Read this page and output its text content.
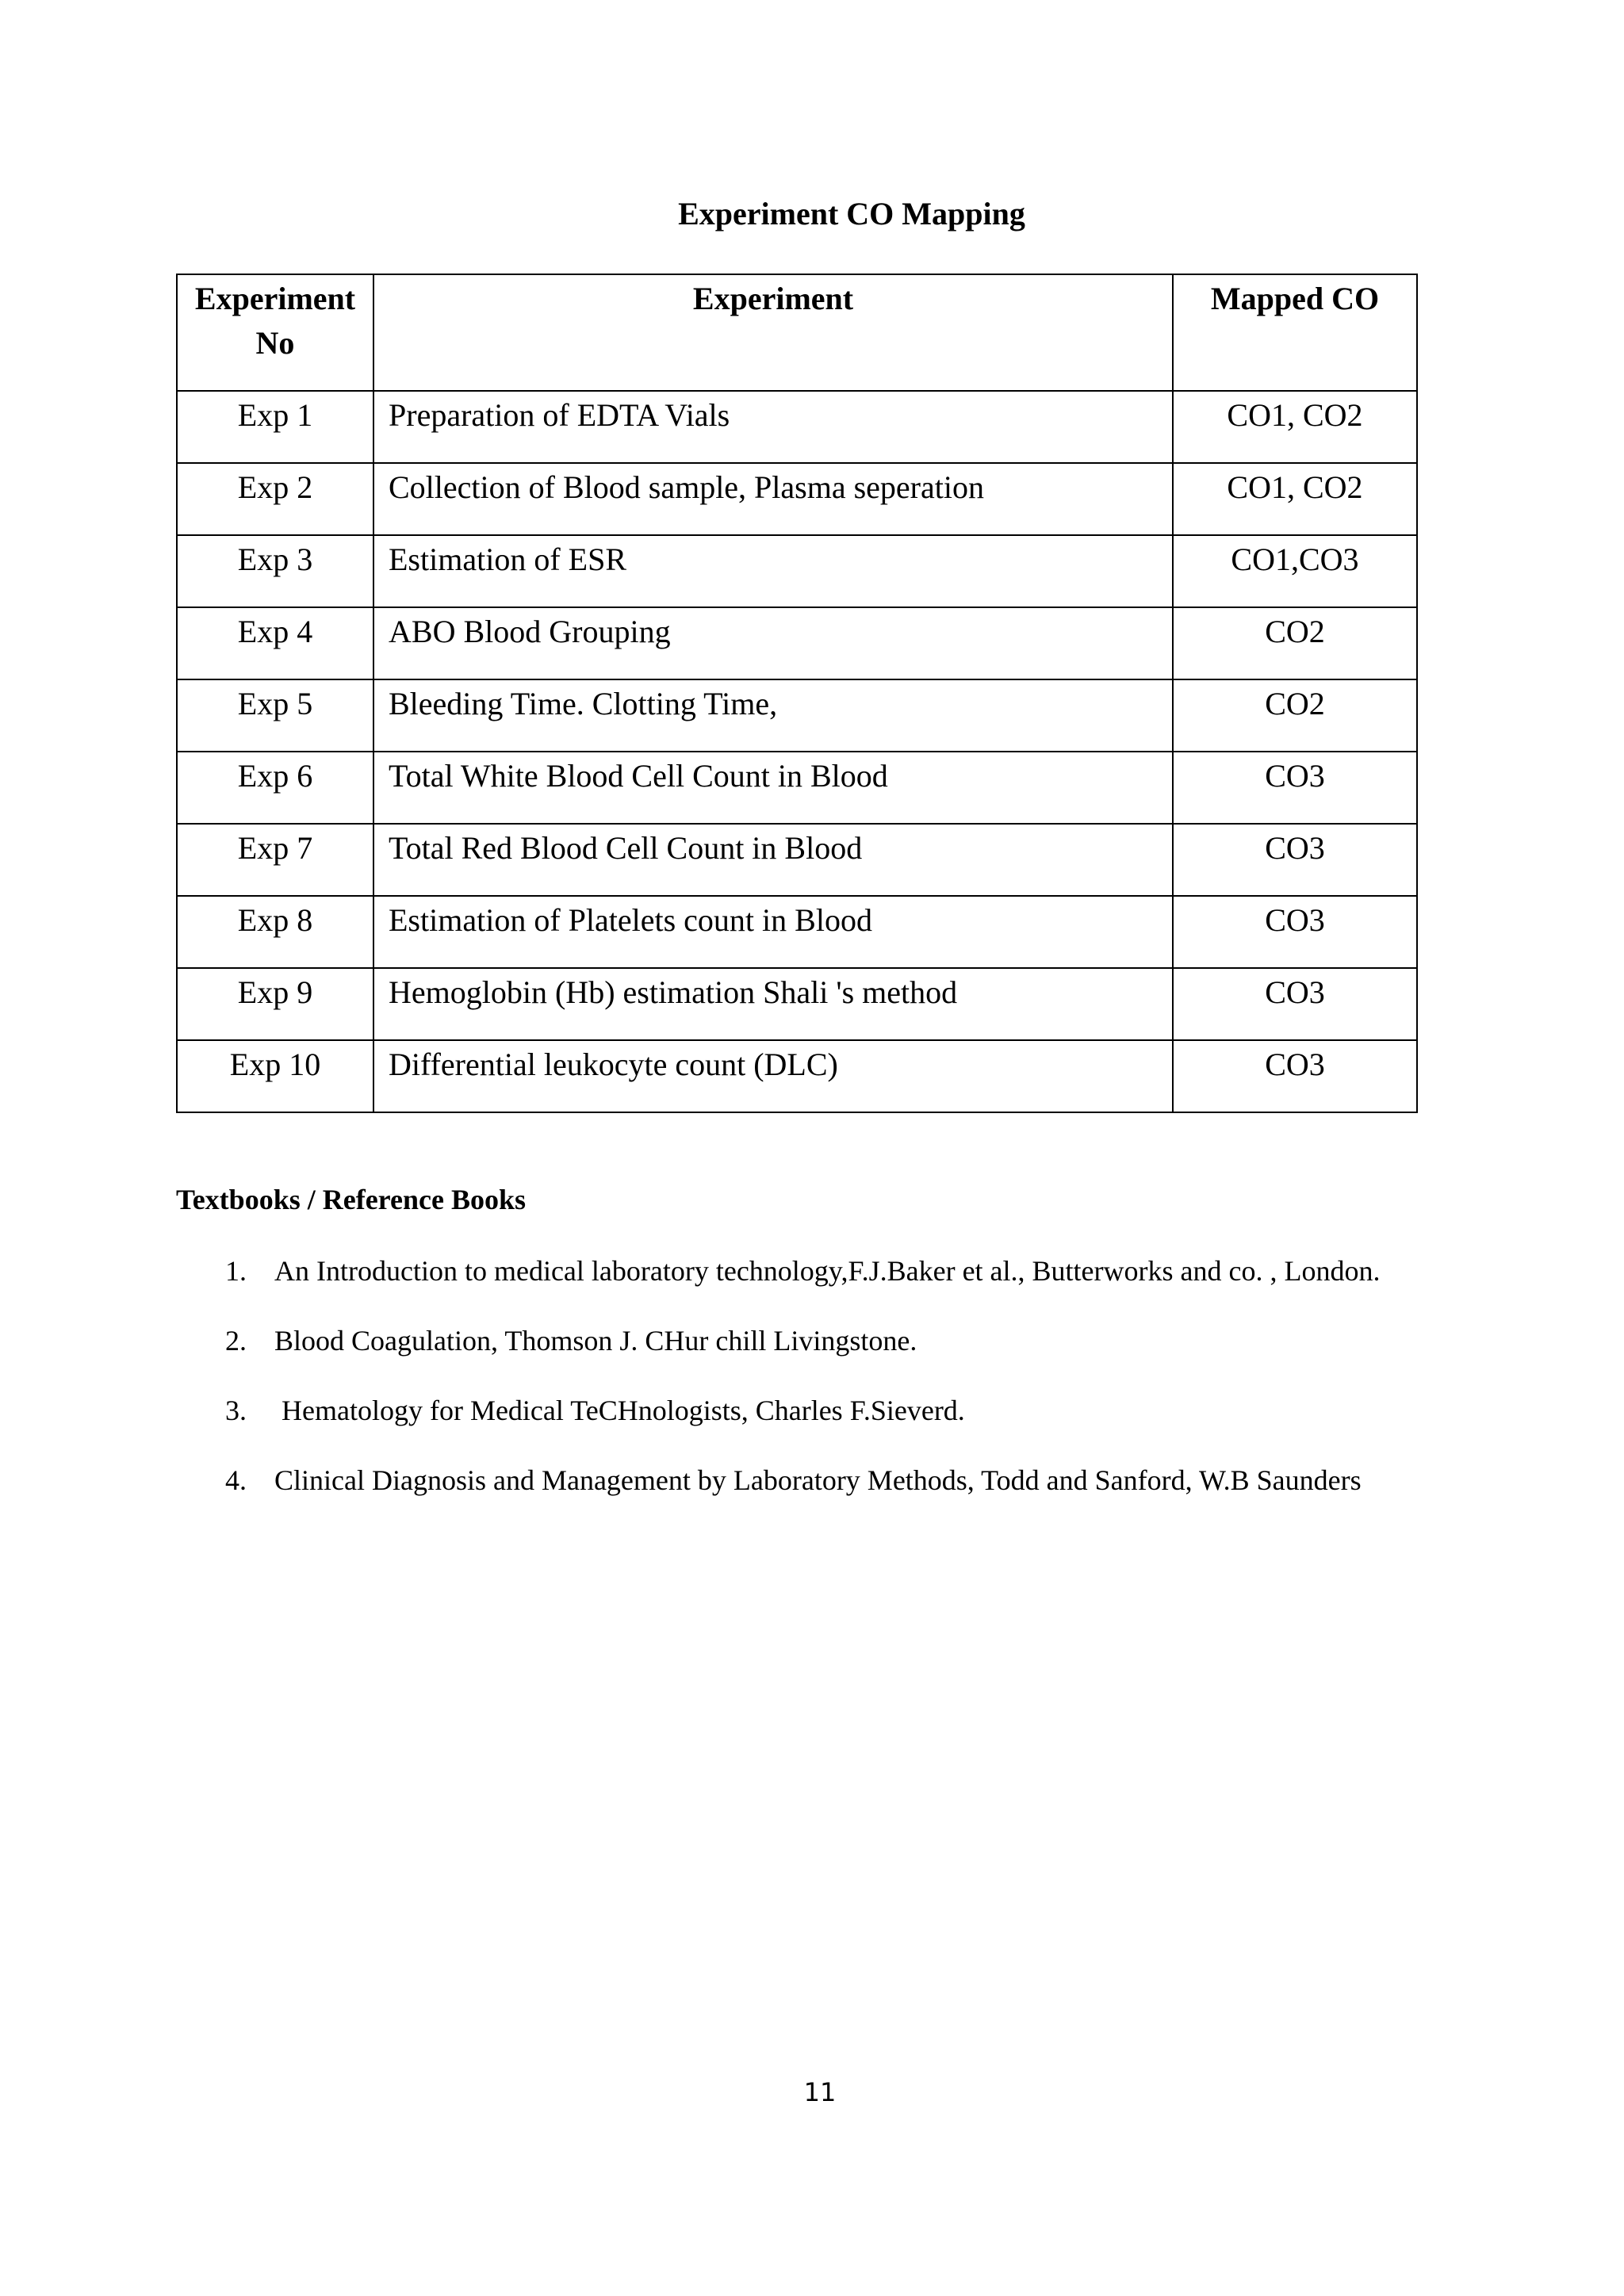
Experiment CO Mapping
Experiment No	Experiment	Mapped CO

Exp 1	Preparation of EDTA Vials	CO1, CO2

Exp 2	Collection of Blood sample, Plasma seperation	CO1, CO2

Exp 3	Estimation of ESR	CO1,CO3

Exp 4	ABO Blood Grouping	CO2

Exp 5	Bleeding Time. Clotting Time,	CO2

Exp 6	Total White Blood Cell Count in Blood	CO3

Exp 7	Total Red Blood Cell Count in Blood	CO3

Exp 8	Estimation of Platelets count in Blood	CO3

Exp 9	Hemoglobin (Hb) estimation Shali 's method	CO3

Exp 10	Differential leukocyte count (DLC)	CO3
Textbooks / Reference Books
1. An Introduction to medical laboratory technology,F.J.Baker et al., Butterworks and co. , London.
2. Blood Coagulation, Thomson J. CHur chill Livingstone.
3. Hematology for Medical TeCHnologists, Charles F.Sieverd.
4. Clinical Diagnosis and Management by Laboratory Methods, Todd and Sanford, W.B Saunders
11
